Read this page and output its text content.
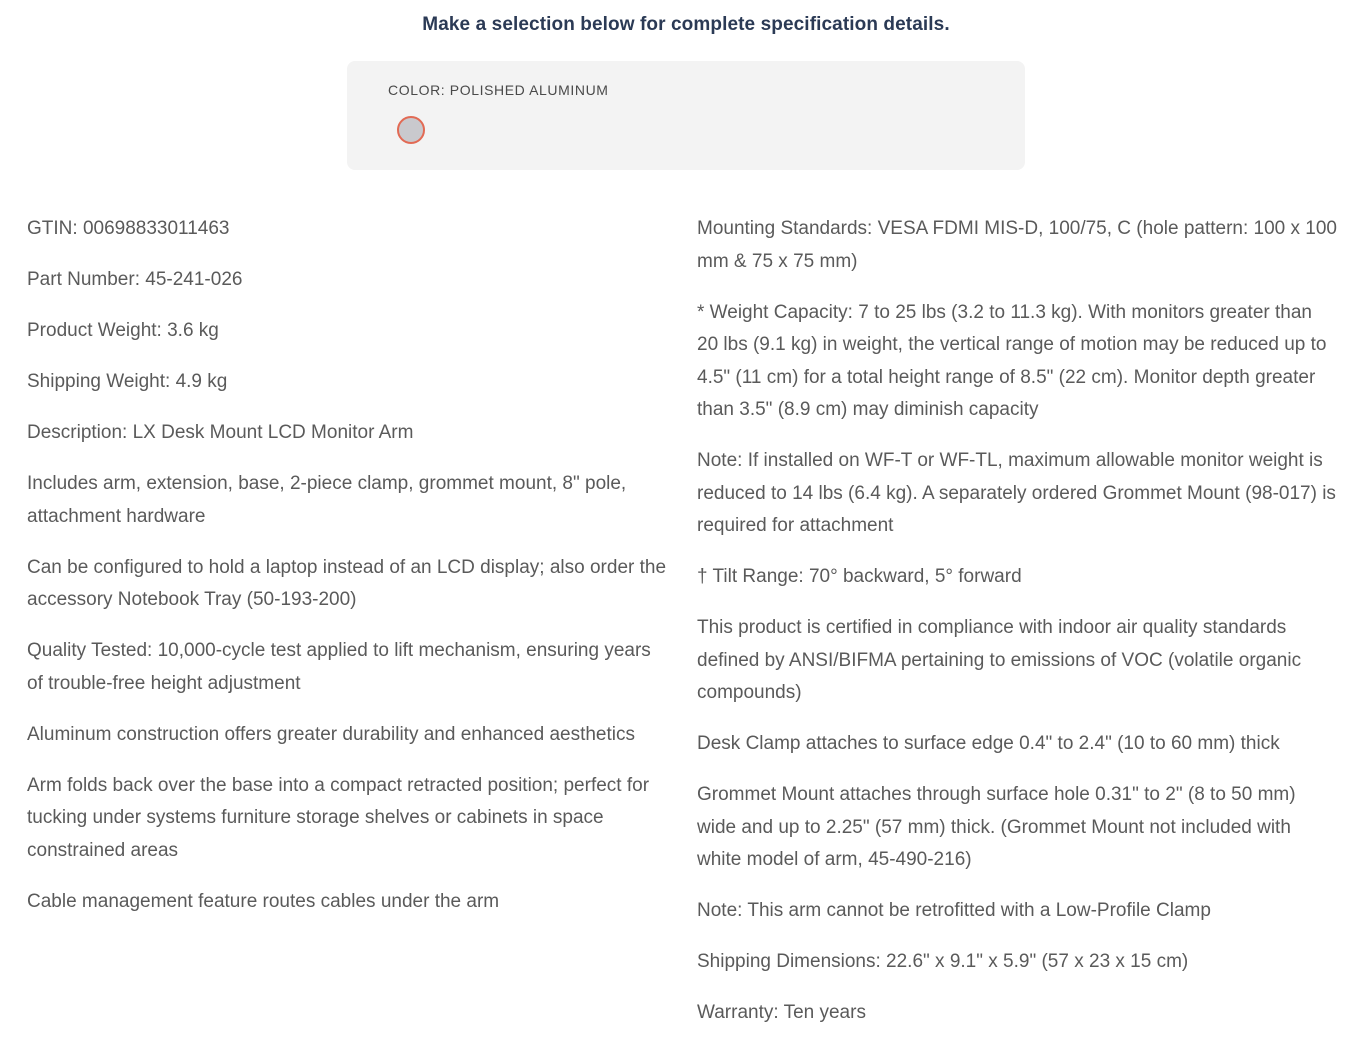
Make a selection below for complete specification details.
COLOR: POLISHED ALUMINUM

GTIN: 00698833011463

Part Number: 45-241-026

Product Weight: 3.6 kg

Shipping Weight: 4.9 kg

Description: LX Desk Mount LCD Monitor Arm

Includes arm, extension, base, 2-piece clamp, grommet mount, 8" pole, attachment hardware

Can be configured to hold a laptop instead of an LCD display; also order the accessory Notebook Tray (50-193-200)

Quality Tested: 10,000-cycle test applied to lift mechanism, ensuring years of trouble-free height adjustment

Aluminum construction offers greater durability and enhanced aesthetics

Arm folds back over the base into a compact retracted position; perfect for tucking under systems furniture storage shelves or cabinets in space constrained areas

Cable management feature routes cables under the arm

Mounting Standards: VESA FDMI MIS-D, 100/75, C (hole pattern: 100 x 100 mm & 75 x 75 mm)

* Weight Capacity: 7 to 25 lbs (3.2 to 11.3 kg). With monitors greater than 20 lbs (9.1 kg) in weight, the vertical range of motion may be reduced up to 4.5" (11 cm) for a total height range of 8.5" (22 cm). Monitor depth greater than 3.5" (8.9 cm) may diminish capacity

Note: If installed on WF-T or WF-TL, maximum allowable monitor weight is reduced to 14 lbs (6.4 kg). A separately ordered Grommet Mount (98-017) is required for attachment

† Tilt Range: 70° backward, 5° forward

This product is certified in compliance with indoor air quality standards defined by ANSI/BIFMA pertaining to emissions of VOC (volatile organic compounds)

Desk Clamp attaches to surface edge 0.4" to 2.4" (10 to 60 mm) thick

Grommet Mount attaches through surface hole 0.31" to 2" (8 to 50 mm) wide and up to 2.25" (57 mm) thick. (Grommet Mount not included with white model of arm, 45-490-216)

Note: This arm cannot be retrofitted with a Low-Profile Clamp

Shipping Dimensions: 22.6" x 9.1" x 5.9" (57 x 23 x 15 cm)

Warranty: Ten years
